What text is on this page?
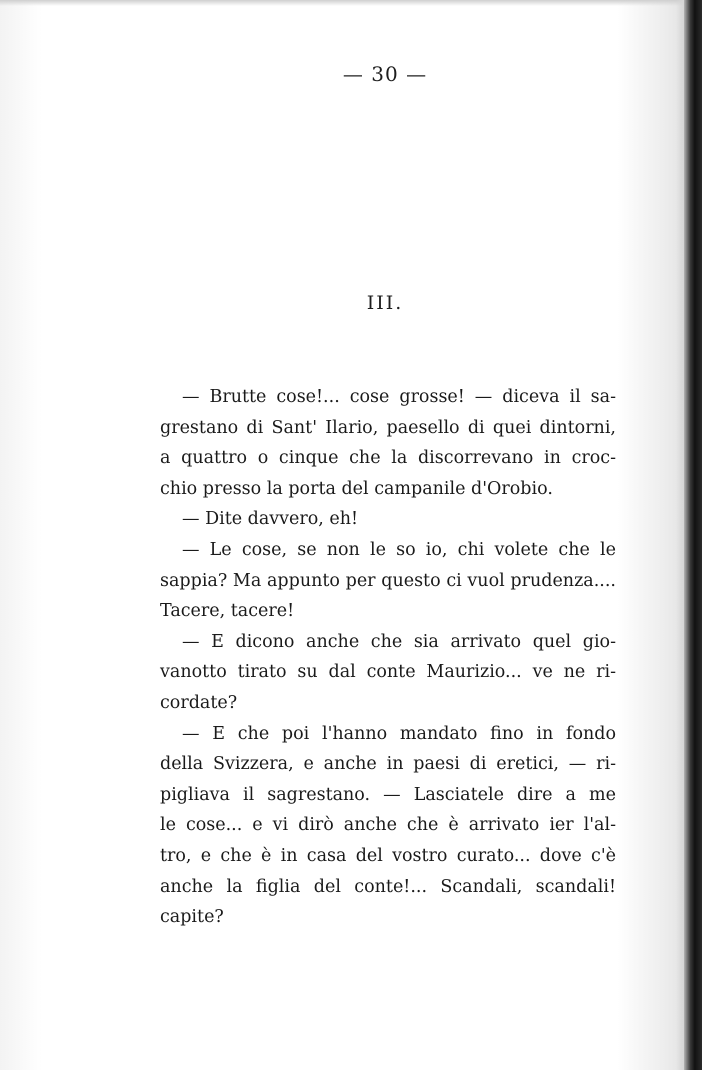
— 30 —
III.
— Brutte cose!... cose grosse! — diceva il sa-
grestano di Sant' Ilario, paesello di quei dintorni,
a quattro o cinque che la discorrevano in croc-
chio presso la porta del campanile d'Orobio.
— Dite davvero, eh!
— Le cose, se non le so io, chi volete che le
sappia? Ma appunto per questo ci vuol prudenza....
Tacere, tacere!
— E dicono anche che sia arrivato quel gio-
vanotto tirato su dal conte Maurizio... ve ne ri-
cordate?
— E che poi l'hanno mandato fino in fondo
della Svizzera, e anche in paesi di eretici, — ri-
pigliava il sagrestano. — Lasciatele dire a me
le cose... e vi dirò anche che è arrivato ier l'al-
tro, e che è in casa del vostro curato... dove c'è
anche la figlia del conte!... Scandali, scandali!
capite?
